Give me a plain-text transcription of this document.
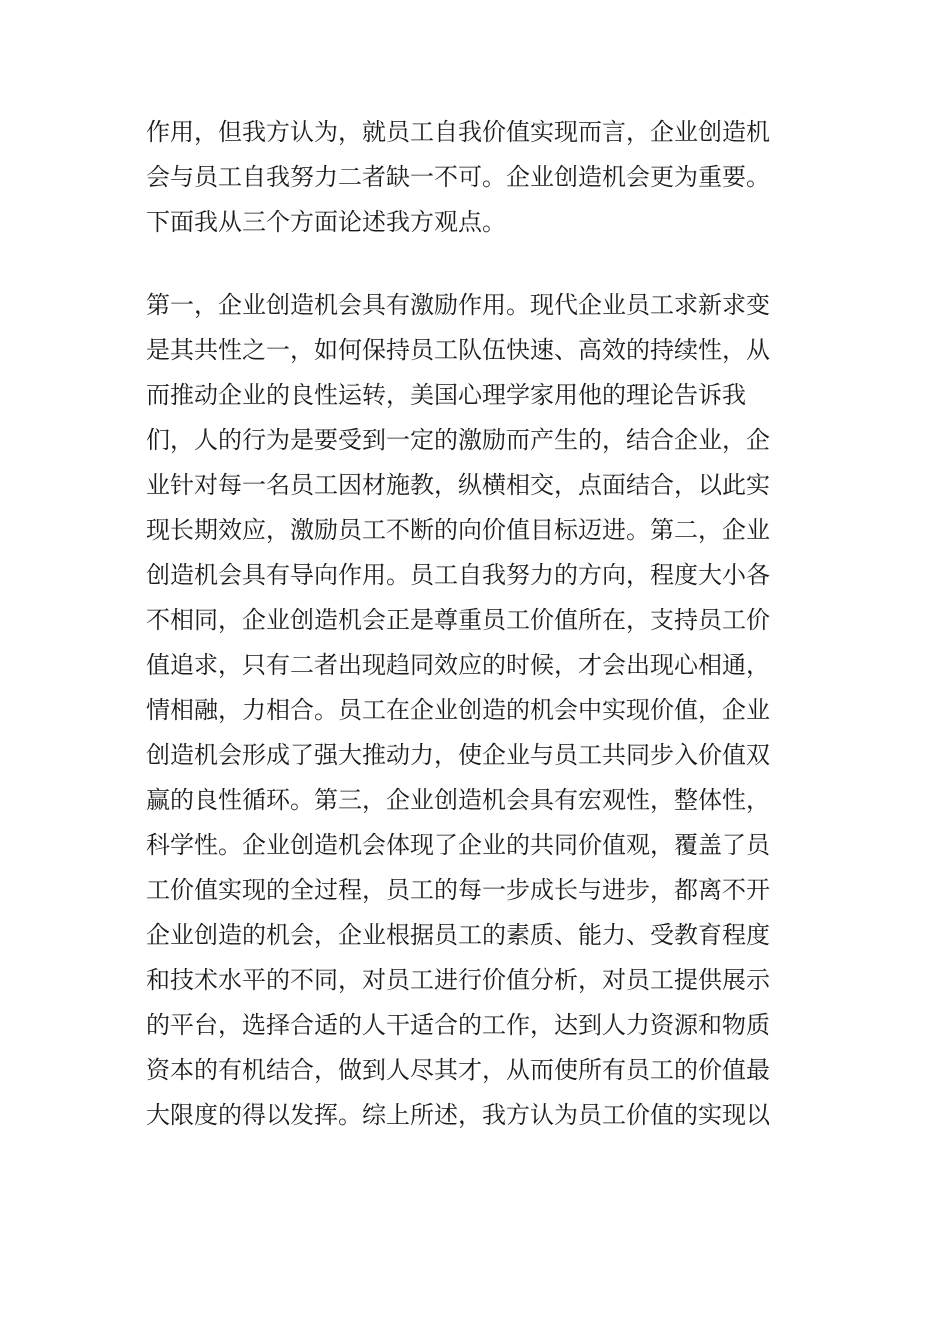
作用，但我方认为，就员工自我价值实现而言，企业创造机
会与员工自我努力二者缺一不可。企业创造机会更为重要。
下面我从三个方面论述我方观点。
第一，企业创造机会具有激励作用。现代企业员工求新求变
是其共性之一，如何保持员工队伍快速、高效的持续性，从
而推动企业的良性运转，美国心理学家用他的理论告诉我
们，人的行为是要受到一定的激励而产生的，结合企业，企
业针对每一名员工因材施教，纵横相交，点面结合，以此实
现长期效应，激励员工不断的向价值目标迈进。第二，企业
创造机会具有导向作用。员工自我努力的方向，程度大小各
不相同，企业创造机会正是尊重员工价值所在，支持员工价
值追求，只有二者出现趋同效应的时候，才会出现心相通，
情相融，力相合。员工在企业创造的机会中实现价值，企业
创造机会形成了强大推动力，使企业与员工共同步入价值双
赢的良性循环。第三，企业创造机会具有宏观性，整体性，
科学性。企业创造机会体现了企业的共同价值观，覆盖了员
工价值实现的全过程，员工的每一步成长与进步，都离不开
企业创造的机会，企业根据员工的素质、能力、受教育程度
和技术水平的不同，对员工进行价值分析，对员工提供展示
的平台，选择合适的人干适合的工作，达到人力资源和物质
资本的有机结合，做到人尽其才，从而使所有员工的价值最
大限度的得以发挥。综上所述，我方认为员工价值的实现以
